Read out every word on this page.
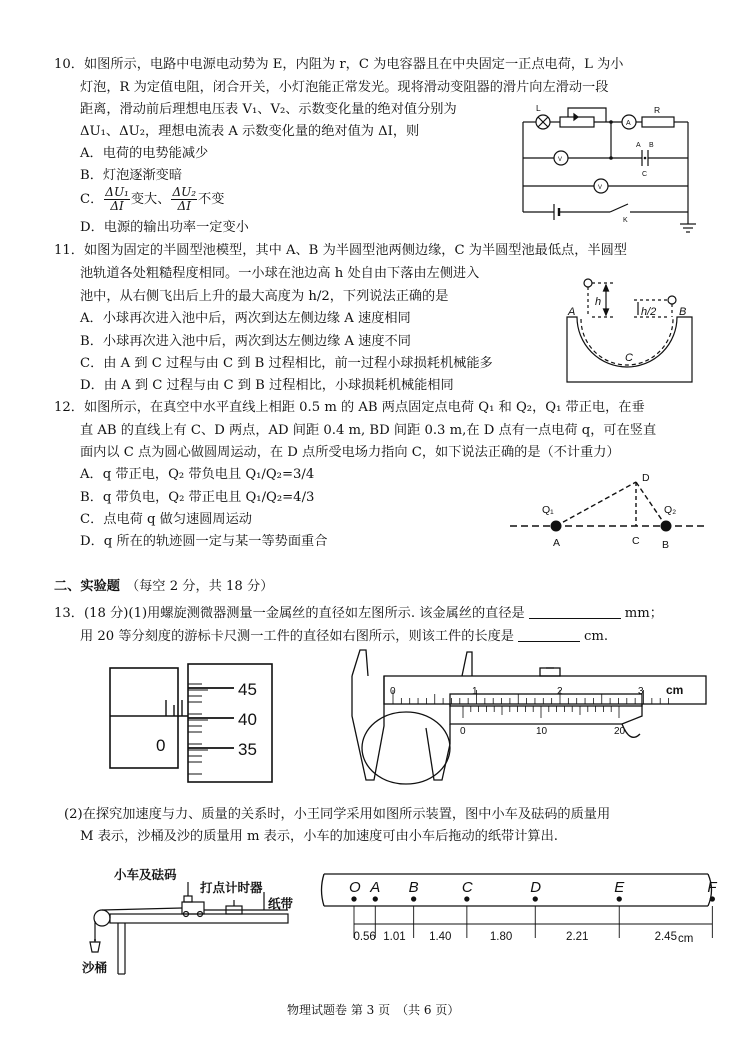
10．如图所示，电路中电源电动势为 E，内阻为 r，C 为电容器且在中央固定一正点电荷，L 为小
灯泡，R 为定值电阻，闭合开关，小灯泡能正常发光。现将滑动变阻器的滑片向左滑动一段
距离，滑动前后理想电压表 V₁、V₂、示数变化量的绝对值分别为
ΔU₁、ΔU₂，理想电流表 A 示数变化量的绝对值为 ΔI，则
A．电荷的电势能减少
B．灯泡逐渐变暗
C． $\frac{\text{ΔU₁}}{\Delta I}$ 变大、 $\frac{\text{ΔU₂}}{\Delta I}$ 不变
D．电源的输出功率一定变小
L	R
A
V
V
A B
C
K
11．如图为固定的半圆型池模型，其中 A、B 为半圆型池两侧边缘，C 为半圆型池最低点，半圆型
池轨道各处粗糙程度相同。一小球在池边高 h 处自由下落由左侧进入
池中，从右侧飞出后上升的最大高度为 h/2，下列说法正确的是
A．小球再次进入池中后，两次到达左侧边缘 A 速度相同
B．小球再次进入池中后，两次到达左侧边缘 A 速度不同
C．由 A 到 C 过程与由 C 到 B 过程相比，前一过程小球损耗机械能多
D．由 A 到 C 过程与由 C 到 B 过程相比，小球损耗机械能相同
h
h/2
A	B
C
12．如图所示，在真空中水平直线上相距 0.5 m 的 AB 两点固定点电荷 Q₁ 和 Q₂，Q₁ 带正电，在垂
直 AB 的直线上有 C、D 两点，AD 间距 0.4 m, BD 间距 0.3 m,在 D 点有一点电荷 q，可在竖直
面内以 C 点为圆心做圆周运动，在 D 点所受电场力指向 C，如下说法正确的是（不计重力）
A．q 带正电，Q₂ 带负电且 Q₁/Q₂=3/4
B．q 带负电，Q₂ 带正电且 Q₁/Q₂=4/3
C．点电荷 q 做匀速圆周运动
D．q 所在的轨迹圆一定与某一等势面重合
D
Q₁	Q₂
A	C B
二、实验题 （每空 2 分，共 18 分）
13．(18 分)(1)用螺旋测微器测量一金属丝的直径如左图所示. 该金属丝的直径是	mm；
用 20 等分刻度的游标卡尺测一工件的直径如右图所示，则该工件的长度是	cm.
45
40
35
0
0	1	2	3 cm
0	10	20
(2)在探究加速度与力、质量的关系时，小王同学采用如图所示装置，图中小车及砝码的质量用
M 表示，沙桶及沙的质量用 m 表示，小车的加速度可由小车后拖动的纸带计算出.
小车及砝码
打点计时器
纸带
沙桶
O A B	C	D	E	F
0.56 1.01 1.40	1.80	2.21	2.45 cm
物理试题卷 第 3 页　（共 6 页）
